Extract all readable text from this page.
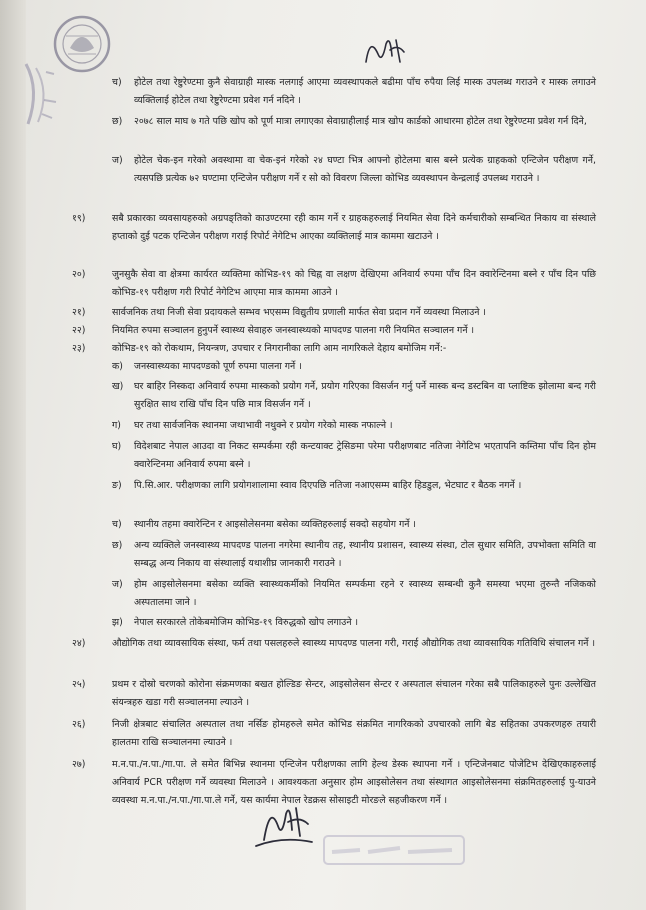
च) होटेल तथा रेष्टुरेण्टमा कुनै सेवाग्राही मास्क नलगाई आएमा व्यवस्थापकले बढीमा पाँच रुपैया लिई मास्क उपलब्ध गराउने र मास्क लगाउने व्यक्तिलाई होटेल तथा रेष्टुरेण्टमा प्रवेश गर्न नदिने ।
छ) २०७८ साल माघ ७ गते पछि खोप को पूर्ण मात्रा लगाएका सेवाग्राहीलाई मात्र खोप कार्डको आधारमा होटेल तथा रेष्टुरेण्टमा प्रवेश गर्न दिने,
ज) होटेल चेक-इन गरेको अवस्थामा वा चेक-इनं गरेको २४ घण्टा भित्र आफ्नो होटेलमा बास बस्ने प्रत्येक ग्राहकको एन्टिजेन परीक्षण गर्ने, त्यसपछि प्रत्येक ७२ घण्टामा एन्टिजेन परीक्षण गर्ने र सो को विवरण जिल्ला कोभिड व्यवस्थापन केन्द्रलाई उपलब्ध गराउने ।
१९)	सबै प्रकारका व्यवसायहरुको अग्रपङ्तिको काउण्टरमा रही काम गर्ने र ग्राहकहरुलाई नियमित सेवा दिने कर्मचारीको सम्बन्धित निकाय वा संस्थाले हप्ताको दुई पटक एन्टिजेन परीक्षण गराई रिपोर्ट नेगेटिभ आएका व्यक्तिलाई मात्र काममा खटाउने ।
२०)	जुनसुकै सेवा वा क्षेत्रमा कार्यरत व्यक्तिमा कोभिड-१९ को चिह्न वा लक्षण देखिएमा अनिवार्य रुपमा पाँच दिन क्वारेन्टिनमा बस्ने र पाँच दिन पछि कोभिड-१९ परीक्षण गरी रिपोर्ट नेगेटिभ आएमा मात्र काममा आउने ।
२१)	सार्वजनिक तथा निजी सेवा प्रदायकले सम्भव भएसम्म विद्युतीय प्रणाली मार्फत सेवा प्रदान गर्ने व्यवस्था मिलाउने ।
२२)	नियमित रुपमा सञ्चालन हुनुपर्ने स्वास्थ्य सेवाहरु जनस्वास्थ्यको मापदण्ड पालना गरी नियमित सञ्चालन गर्ने ।
२३)	कोभिड-१९ को रोकथाम, नियन्त्रण, उपचार र निगरानीका लागि आम नागरिकले देहाय बमोजिम गर्ने:-
क) जनस्वास्थ्यका मापदण्डको पूर्ण रुपमा पालना गर्ने ।
ख) घर बाहिर निस्कदा अनिवार्य रुपमा मास्कको प्रयोग गर्ने, प्रयोग गरिएका विसर्जन गर्नु पर्ने मास्क बन्द डस्टबिन वा प्लाष्टिक झोलामा बन्द गरी सुरक्षित साथ राखि पाँच दिन पछि मात्र विसर्जन गर्ने ।
ग) घर तथा सार्वजनिक स्थानमा जथाभावी नथुक्ने र प्रयोग गरेको मास्क नफाल्ने ।
घ) विदेशबाट नेपाल आउदा वा निकट सम्पर्कमा रही कन्टयाक्ट ट्रेसिङमा परेमा परीक्षणबाट नतिजा नेगेटिभ भएतापनि कम्तिमा पाँच दिन होम क्वारेन्टिनमा अनिवार्य रुपमा बस्ने ।
ङ) पि.सि.आर. परीक्षणका लागि प्रयोगशालामा स्वाव दिएपछि नतिजा नआएसम्म बाहिर हिडडुल, भेटघाट र बैठक नगर्ने ।
च) स्थानीय तहमा क्वारेन्टिन र आइसोलेसनमा बसेका व्यक्तिहरुलाई सक्दो सहयोग गर्ने ।
छ) अन्य व्यक्तिले जनस्वास्थ्य मापदण्ड पालना नगरेमा स्थानीय तह, स्थानीय प्रशासन, स्वास्थ्य संस्था, टोल सुधार समिति, उपभोक्ता समिति वा सम्बद्ध अन्य निकाय वा संस्थालाई यथाशीघ्र जानकारी गराउने ।
ज) होम आइसोलेसनमा बसेका व्यक्ति स्वास्थ्यकर्मीको नियमित सम्पर्कमा रहने र स्वास्थ्य सम्बन्धी कुनै समस्या भएमा तुरुन्तै नजिकको अस्पतालमा जाने ।
झ) नेपाल सरकारले तोकेबमोजिम कोभिड-१९ विरुद्धको खोप लगाउने ।
२४)	औद्योगिक तथा व्यावसायिक संस्था, फर्म तथा पसलहरुले स्वास्थ्य मापदण्ड पालना गरी, गराई औद्योगिक तथा व्यावसायिक गतिविधि संचालन गर्ने ।
२५)	प्रथम र दोस्रो चरणको कोरोना संक्रमणका बखत होल्डिङ सेन्टर, आइसोलेसन सेन्टर र अस्पताल संचालन गरेका सबै पालिकाहरुले पुनः उल्लेखित संयन्त्रहरु खडा गरी सञ्चालनमा ल्याउने ।
२६)	निजी क्षेत्रबाट संचालित अस्पताल तथा नर्सिङ होमहरुले समेत कोभिड संक्रमित नागरिकको उपचारको लागि बेड सहितका उपकरणहरु तयारी हालतमा राखि सञ्चालनमा ल्याउने ।
२७)	म.न.पा./न.पा./गा.पा. ले समेत बिभिन्न स्थानमा एन्टिजेन परीक्षणका लागि हेल्थ डेस्क स्थापना गर्ने । एन्टिजेनबाट पोजेटिभ देखिएकाहरुलाई अनिवार्य PCR परीक्षण गर्ने व्यवस्था मिलाउने । आवश्यकता अनुसार होम आइसोलेसन तथा संस्थागत आइसोलेसनमा संक्रमितहरुलाई पु-याउने व्यवस्था म.न.पा./न.पा./गा.पा.ले गर्ने, यस कार्यमा नेपाल रेडक्रस सोसाइटी मोरङले सहजीकरण गर्ने ।
